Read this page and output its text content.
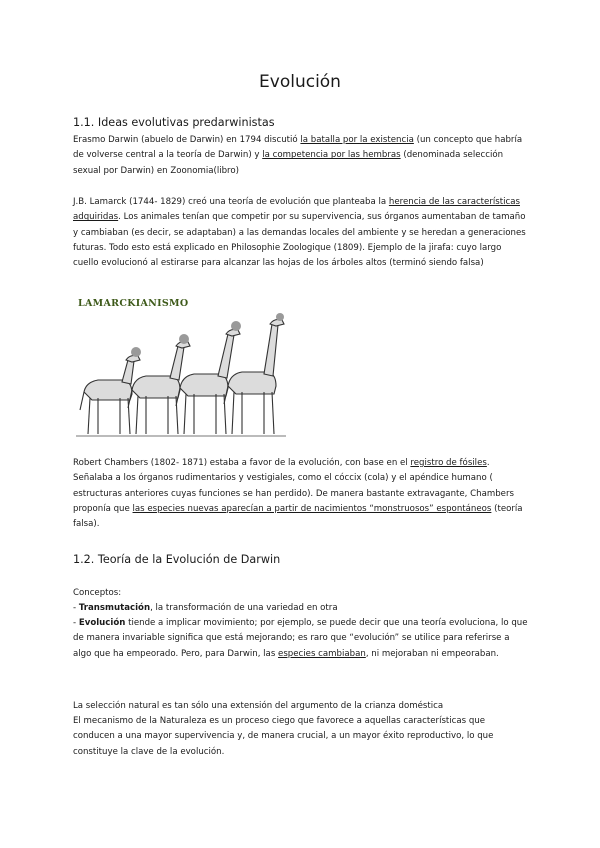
Evolución
1.1. Ideas evolutivas predarwinistas

Erasmo Darwin (abuelo de Darwin) en 1794 discutió la batalla por la existencia (un concepto que habría de volverse central a la teoría de Darwin) y la competencia por las hembras (denominada selección sexual por Darwin) en Zoonomia(libro)

J.B. Lamarck (1744- 1829) creó una teoría de evolución que planteaba la herencia de las características adquiridas. Los animales tenían que competir por su supervivencia, sus órganos aumentaban de tamaño y cambiaban (es decir, se adaptaban) a las demandas locales del ambiente y se heredan a generaciones futuras. Todo esto está explicado en Philosophie Zoologique (1809). Ejemplo de la jirafa: cuyo largo cuello evolucionó al estirarse para alcanzar las hojas de los árboles altos (terminó siendo falsa)

LAMARCKIANISMO

Robert Chambers (1802- 1871) estaba a favor de la evolución, con base en el registro de fósiles. Señalaba a los órganos rudimentarios y vestigiales, como el cóccix (cola) y el apéndice humano ( estructuras anteriores cuyas funciones se han perdido). De manera bastante extravagante, Chambers proponía que las especies nuevas aparecían a partir de nacimientos “monstruosos” espontáneos (teoría falsa).

1.2. Teoría de la Evolución de Darwin

Conceptos:

- Transmutación, la transformación de una variedad en otra

- Evolución tiende a implicar movimiento; por ejemplo, se puede decir que una teoría evoluciona, lo que de manera invariable significa que está mejorando; es raro que “evolución” se utilice para referirse a algo que ha empeorado. Pero, para Darwin, las especies cambiaban, ni mejoraban ni empeoraban.

La selección natural es tan sólo una extensión del argumento de la crianza doméstica

El mecanismo de la Naturaleza es un proceso ciego que favorece a aquellas características que conducen a una mayor supervivencia y, de manera crucial, a un mayor éxito reproductivo, lo que constituye la clave de la evolución.
